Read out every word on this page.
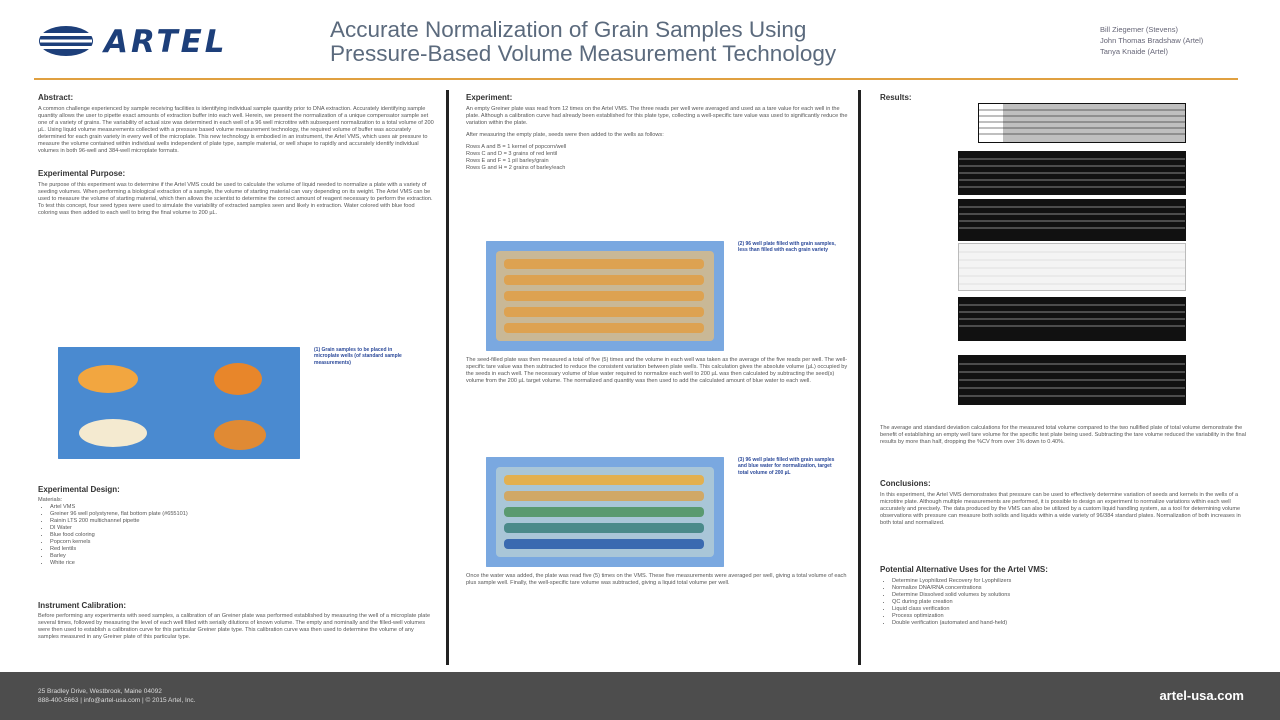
ARTEL	Accurate Normalization of Grain Samples Using
Pressure-Based Volume Measurement Technology
Bill Ziegemer (Stevens)
John Thomas Bradshaw (Artel)
Tanya Knaide (Artel)
Abstract:

A common challenge experienced by sample receiving facilities is identifying individual sample quantity prior to DNA extraction. Accurately identifying sample quantity allows the user to pipette exact amounts of extraction buffer into each well. Herein, we present the normalization of a unique compensator sample set one of a variety of grains. The variability of actual size was determined in each well of a 96 well microtitre with subsequent normalization to a total volume of 200 µL. Using liquid volume measurements collected with a pressure based volume measurement technology, the required volume of buffer was accurately determined for each grain variety in every well of the microplate. This new technology is embodied in an instrument, the Artel VMS, which uses air pressure to measure the volume contained within individual wells independent of plate type, sample material, or well shape to rapidly and accurately identify individual volumes in both 96-well and 384-well microplate formats.

Experimental Purpose:

The purpose of this experiment was to determine if the Artel VMS could be used to calculate the volume of liquid needed to normalize a plate with a variety of seeding volumes. When performing a biological extraction of a sample, the volume of starting material can vary depending on its weight. The Artel VMS can be used to measure the volume of starting material, which then allows the scientist to determine the correct amount of reagent necessary to perform the extraction. To test this concept, four seed types were used to simulate the variability of extracted samples seen and likely in extraction. Water colored with blue food coloring was then added to each well to bring the final volume to 200 µL.

(1) Grain samples to be placed in microplate wells (of standard sample measurements)
Experimental Design:
Materials:
• Artel VMS
• Greiner 96 well polystyrene, flat bottom plate (#655101)
• Rainin LTS 200 multichannel pipette
• DI Water
• Blue food coloring
• Popcorn kernels
• Red lentils
• Barley
• White rice
Instrument Calibration:

Before performing any experiments with seed samples, a calibration of an Greiner plate was performed established by measuring the well of a microplate plate several times, followed by measuring the level of each well filled with serially dilutions of known volume. The empty and nominally and the filled-well volumes were then used to establish a calibration curve for this particular Greiner plate type. This calibration curve was then used to determine the volume of any samples measured in any Greiner plate of this particular type.

Experiment:

An empty Greiner plate was read from 12 times on the Artel VMS. The three reads per well were averaged and used as a tare value for each well in the plate. Although a calibration curve had already been established for this plate type, collecting a well-specific tare value was used to significantly reduce the variation within the plate.

After measuring the empty plate, seeds were then added to the wells as follows:

Rows A and B = 1 kernel of popcorn/well
Rows C and D = 3 grains of red lentil
Rows E and F = 1 pil barley/grain
Rows G and H = 2 grains of barley/each
(2) 96 well plate filled with grain samples, less than filled with each grain variety

The seed-filled plate was then measured a total of five (5) times and the volume in each well was taken as the average of the five reads per well. The well-specific tare value was then subtracted to reduce the consistent variation between plate wells. This calculation gives the absolute volume (µL) occupied by the seeds in each well. The necessary volume of blue water required to normalize each well to 200 µL was then calculated by subtracting the seed(s) volume from the 200 µL target volume. The normalized and quantity was then used to add the calculated amount of blue water to each well.

(3) 96 well plate filled with grain samples and blue water for normalization, target total volume of 200 µL

Once the water was added, the plate was read five (5) times on the VMS. These five measurements were averaged per well, giving a total volume of each plus sample well. Finally, the well-specific tare volume was subtracted, giving a liquid total volume per well.

Results:

The average and standard deviation calculations for the measured total volume compared to the two nullified plate of total volume demonstrate the benefit of establishing an empty well tare volume for the specific test plate being used. Subtracting the tare volume reduced the variability in the final results by more than half, dropping the %CV from over 1% down to 0.40%.

Conclusions:

In this experiment, the Artel VMS demonstrates that pressure can be used to effectively determine variation of seeds and kernels in the wells of a microtitre plate. Although multiple measurements are performed, it is possible to design an experiment to normalize variations within each well accurately and precisely. The data produced by the VMS can also be utilized by a custom liquid handling system, as a tool for determining volume observations with pressure can measure both solids and liquids within a wide variety of 96/384 standard plates. Normalization of both increases in both total and normalized.

Potential Alternative Uses for the Artel VMS:
• Determine Lyophilized Recovery for Lyophilizers
• Normalize DNA/RNA concentrations
• Determine Dissolved solid volumes by solutions
• QC during plate creation
• Liquid class verification
• Process optimization
• Double verification (automated and hand-held)
25 Bradley Drive, Westbrook, Maine 04092
888-400-5663 | info@artel-usa.com | © 2015 Artel, Inc.	artel-usa.com
